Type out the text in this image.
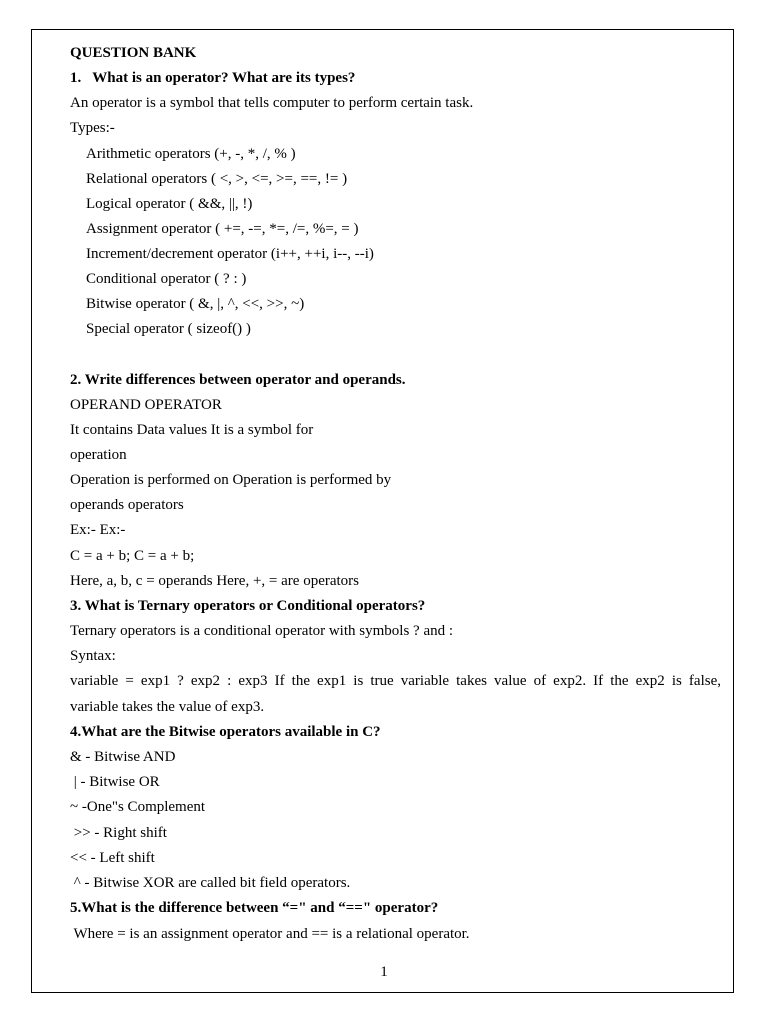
QUESTION BANK

1.   What is an operator? What are its types?

An operator is a symbol that tells computer to perform certain task.

Types:-

Arithmetic operators (+, -, *, /, % )

Relational operators ( <, >, <=, >=, ==, != )

Logical operator ( &&, ||, !)

Assignment operator ( +=, -=, *=, /=, %=, = )

Increment/decrement operator (i++, ++i, i--, --i)

Conditional operator ( ? : )

Bitwise operator ( &, |, ^, <<, >>, ~)

Special operator ( sizeof() )

2. Write differences between operator and operands.

OPERAND OPERATOR

It contains Data values It is a symbol for

operation

Operation is performed on Operation is performed by

operands operators

Ex:- Ex:-

C = a + b; C = a + b;

Here, a, b, c = operands Here, +, = are operators

3. What is Ternary operators or Conditional operators?

Ternary operators is a conditional operator with symbols ? and :

Syntax:

variable = exp1 ? exp2 : exp3 If the exp1 is true variable takes value of exp2. If the exp2 is false,

variable takes the value of exp3.

4.What are the Bitwise operators available in C?

& - Bitwise AND

| - Bitwise OR

~ -One"s Complement

>> - Right shift

<< - Left shift

^ - Bitwise XOR are called bit field operators.

5.What is the difference between “=" and “==" operator?

Where = is an assignment operator and == is a relational operator.

1
